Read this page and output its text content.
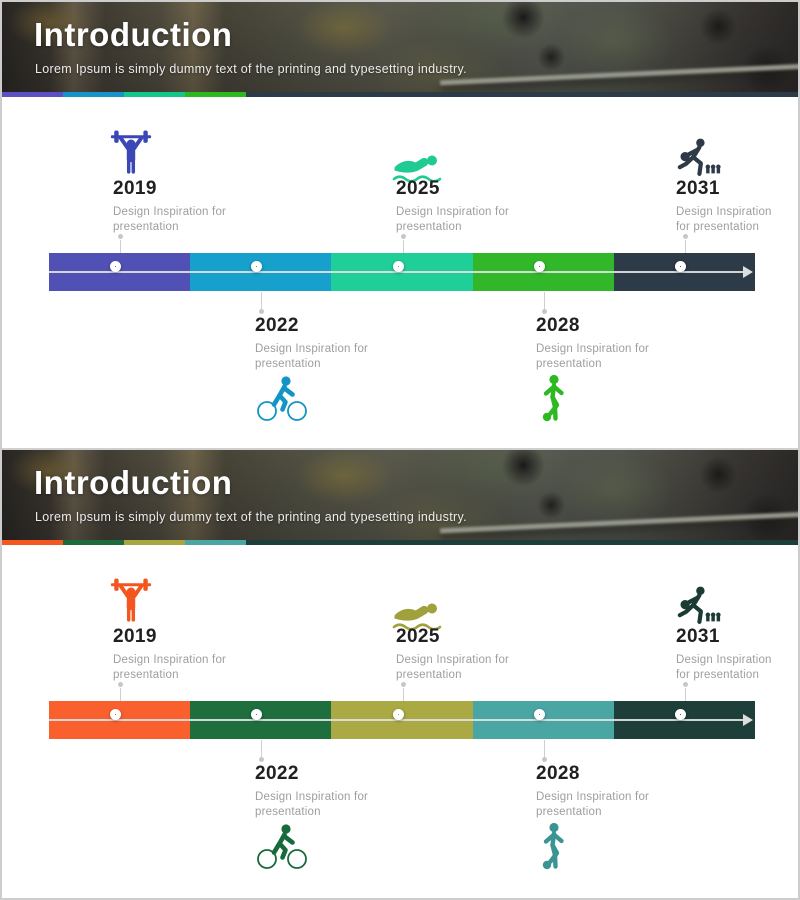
Introduction

Lorem Ipsum is simply dummy text of the printing and typesetting industry.

2019

Design Inspiration for
presentation

2025

Design Inspiration for
presentation

2031

Design Inspiration
for presentation

2022

Design Inspiration for
presentation

2028

Design Inspiration for
presentation

Introduction

Lorem Ipsum is simply dummy text of the printing and typesetting industry.

2019

Design Inspiration for
presentation

2025

Design Inspiration for
presentation

2031

Design Inspiration
for presentation

2022

Design Inspiration for
presentation

2028

Design Inspiration for
presentation
